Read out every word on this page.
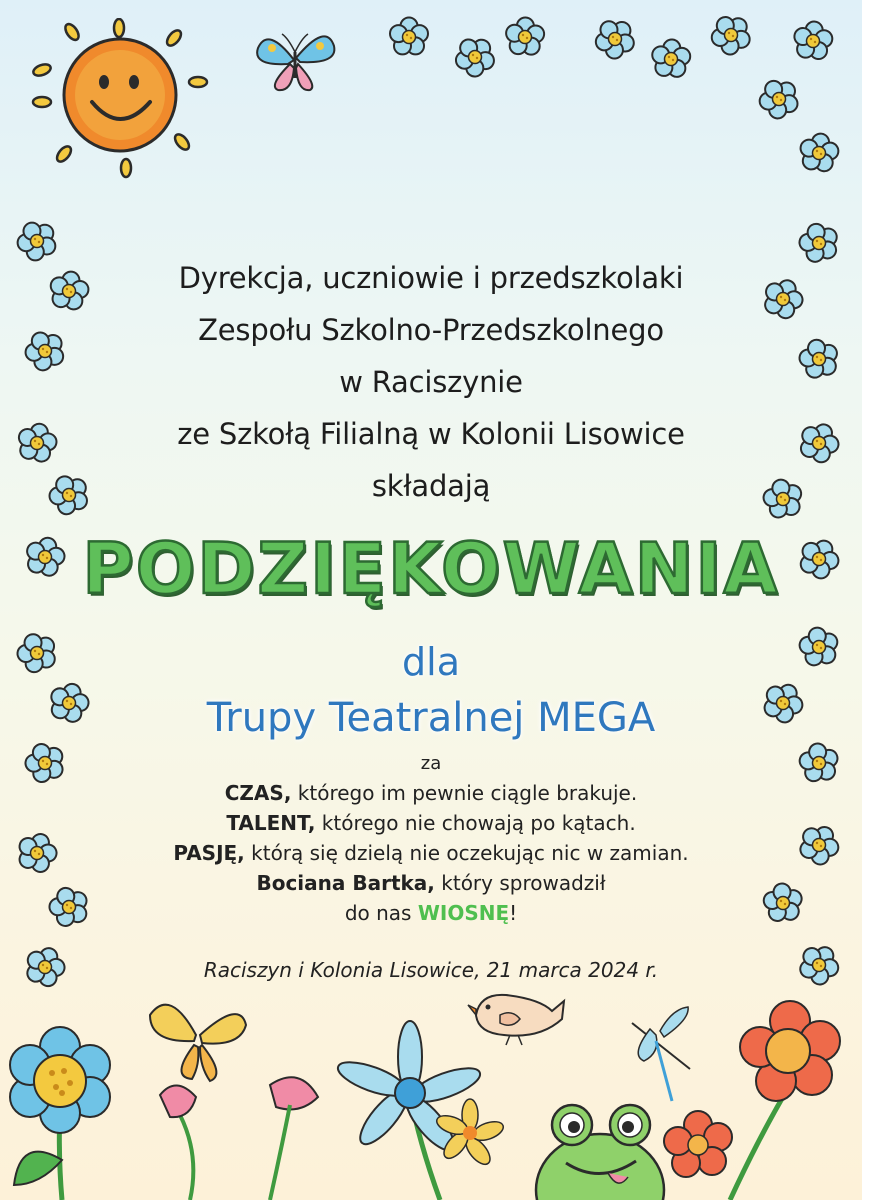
Dyrekcja, uczniowie i przedszkolaki
Zespołu Szkolno-Przedszkolnego
w Raciszynie
ze Szkołą Filialną w Kolonii Lisowice
składają
PODZIĘKOWANIA
dla
Trupy Teatralnej MEGA
za
CZAS, którego im pewnie ciągle brakuje.
TALENT, którego nie chowają po kątach.
PASJĘ, którą się dzielą nie oczekując nic w zamian.
Bociana Bartka, który sprowadził
do nas WIOSNĘ!
Raciszyn i Kolonia Lisowice, 21 marca 2024 r.
